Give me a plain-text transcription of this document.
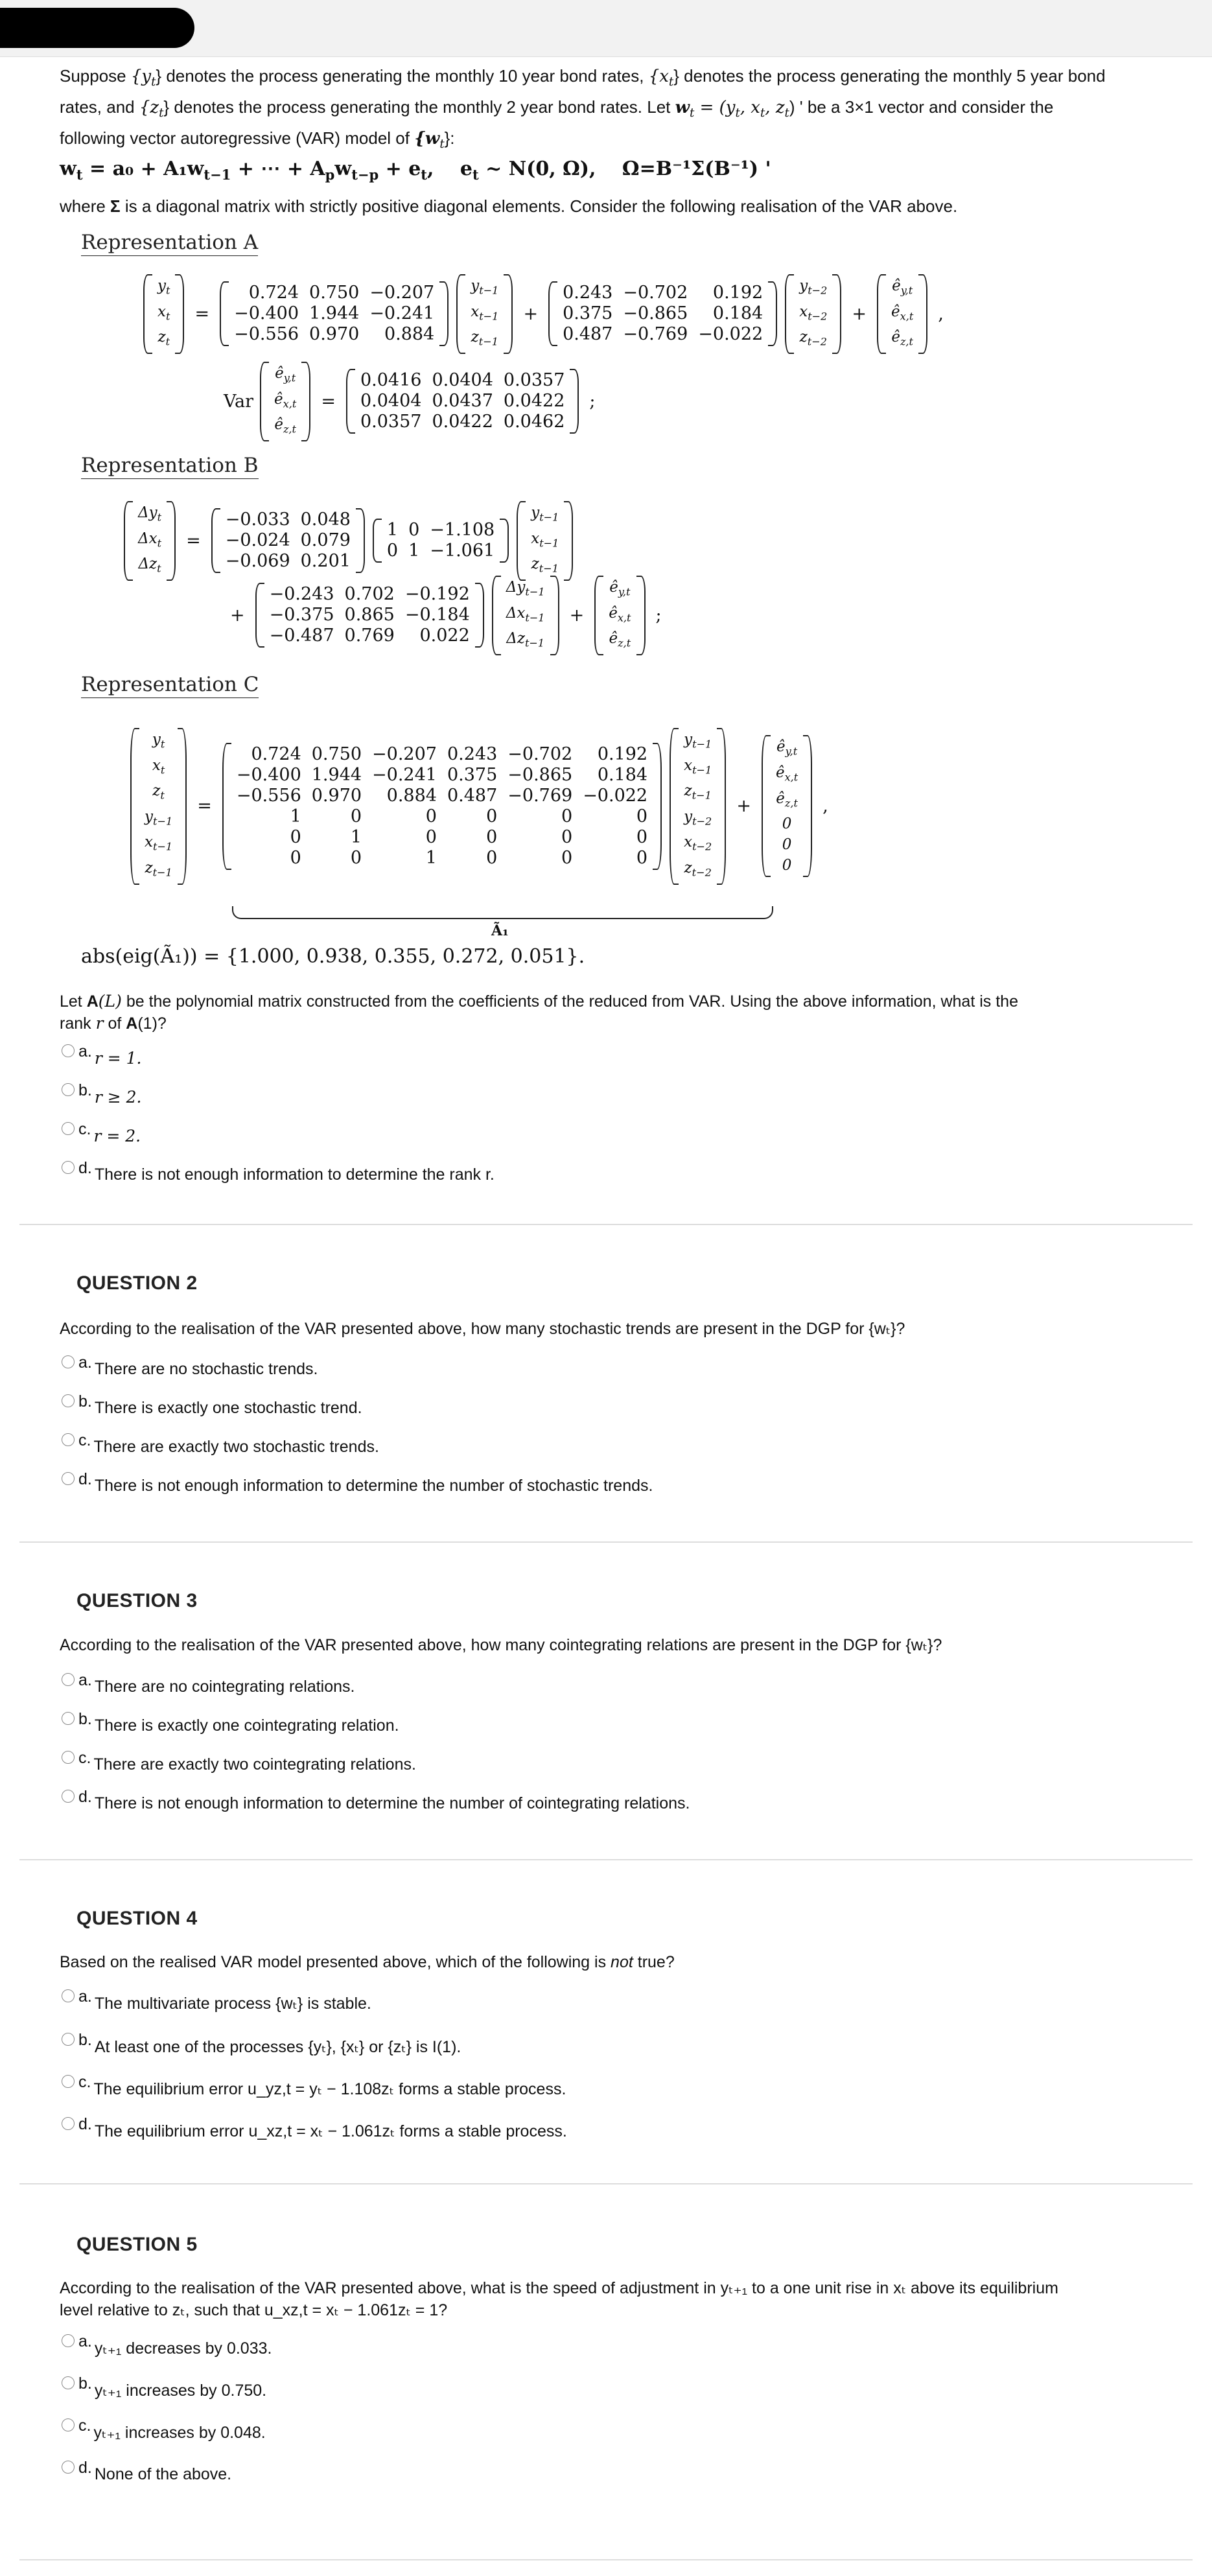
Suppose $\{y_t\}$ denotes the process generating the monthly 10 year bond rates, $\{x_t\}$ denotes the process generating the monthly 5 year bond

rates, and $\{z_t\}$ denotes the process generating the monthly 2 year bond rates. Let $w_t = (y_t$, $x_t$, $z_t$) ' be a 3×1 vector and consider the

following vector autoregressive (VAR) model of $\{w_t\}$:

$w_t = a_0 + A_1w_{t-1}$ + ⋯ + $A_pw_{t-p} + e_t$, $e_t$ ~ N(0, Ω), Ω=B⁻¹Σ(B⁻¹) '
where Σ is a diagonal matrix with strictly positive diagonal elements. Consider the following realisation of the VAR above.
Representation A
$y_t$
$x_t$
$z_t$
=
0.724	0.750	−0.207
−0.400	1.944	−0.241
−0.556	0.970	0.884
$y_{t-1}$
$x_{t-1}$
$z_{t-1}$
+
0.243	−0.702	0.192
0.375	−0.865	0.184
0.487	−0.769	−0.022
$y_{t-2}$
$x_{t-2}$
$z_{t-2}$
+
$ê_{y,t}$
$ê_{x,t}$
$ê_{z,t}$
,
Var
$ê_{y,t}$
$ê_{x,t}$
$ê_{z,t}$
=
0.0416	0.0404	0.0357
0.0404	0.0437	0.0422
0.0357	0.0422	0.0462
;
Representation B
$\Delta y_t$
$\Delta x_t$
$\Delta z_t$
=
−0.033	0.048
−0.024	0.079
−0.069	0.201
1	0	−1.108
0	1	−1.061
$y_{t-1}$
$x_{t-1}$
$z_{t-1}$
+
−0.243	0.702	−0.192
−0.375	0.865	−0.184
−0.487	0.769	0.022
$\Delta y_{t-1}$
$\Delta x_{t-1}$
$\Delta z_{t-1}$
+
$ê_{y,t}$
$ê_{x,t}$
$ê_{z,t}$
;
Representation C
$y_t$
$x_t$
$z_t$
$y_{t-1}$
$x_{t-1}$
$z_{t-1}$
=
0.724	0.750	−0.207	0.243	−0.702	0.192
−0.400	1.944	−0.241	0.375	−0.865	0.184
−0.556	0.970	0.884	0.487	−0.769	−0.022
1	0	0	0	0	0
0	1	0	0	0	0
0	0	1	0	0	0
$y_{t-1}$
$x_{t-1}$
$z_{t-1}$
$y_{t-2}$
$x_{t-2}$
$z_{t-2}$
+
$ê_{y,t}$
$ê_{x,t}$
$ê_{z,t}$
0
0
0
,
Ã₁
abs(eig(Ã₁)) = {1.000, 0.938, 0.355, 0.272, 0.051}.
Let A(L) be the polynomial matrix constructed from the coefficients of the reduced from VAR. Using the above information, what is the
rank r of A(1)?
a. r = 1.
b. r ≥ 2.
c. r = 2.
d. There is not enough information to determine the rank r.
QUESTION 2
According to the realisation of the VAR presented above, how many stochastic trends are present in the DGP for {wₜ}?
a. There are no stochastic trends.
b. There is exactly one stochastic trend.
c. There are exactly two stochastic trends.
d. There is not enough information to determine the number of stochastic trends.
QUESTION 3
According to the realisation of the VAR presented above, how many cointegrating relations are present in the DGP for {wₜ}?
a. There are no cointegrating relations.
b. There is exactly one cointegrating relation.
c. There are exactly two cointegrating relations.
d. There is not enough information to determine the number of cointegrating relations.
QUESTION 4
Based on the realised VAR model presented above, which of the following is not true?
a. The multivariate process {wₜ} is stable.
b. At least one of the processes {yₜ}, {xₜ} or {zₜ} is I(1).
c. The equilibrium error u_yz,t = yₜ − 1.108zₜ forms a stable process.
d. The equilibrium error u_xz,t = xₜ − 1.061zₜ forms a stable process.
QUESTION 5
According to the realisation of the VAR presented above, what is the speed of adjustment in yₜ₊₁ to a one unit rise in xₜ above its equilibrium
level relative to zₜ, such that u_xz,t = xₜ − 1.061zₜ = 1?
a. yₜ₊₁ decreases by 0.033.
b. yₜ₊₁ increases by 0.750.
c. yₜ₊₁ increases by 0.048.
d. None of the above.
